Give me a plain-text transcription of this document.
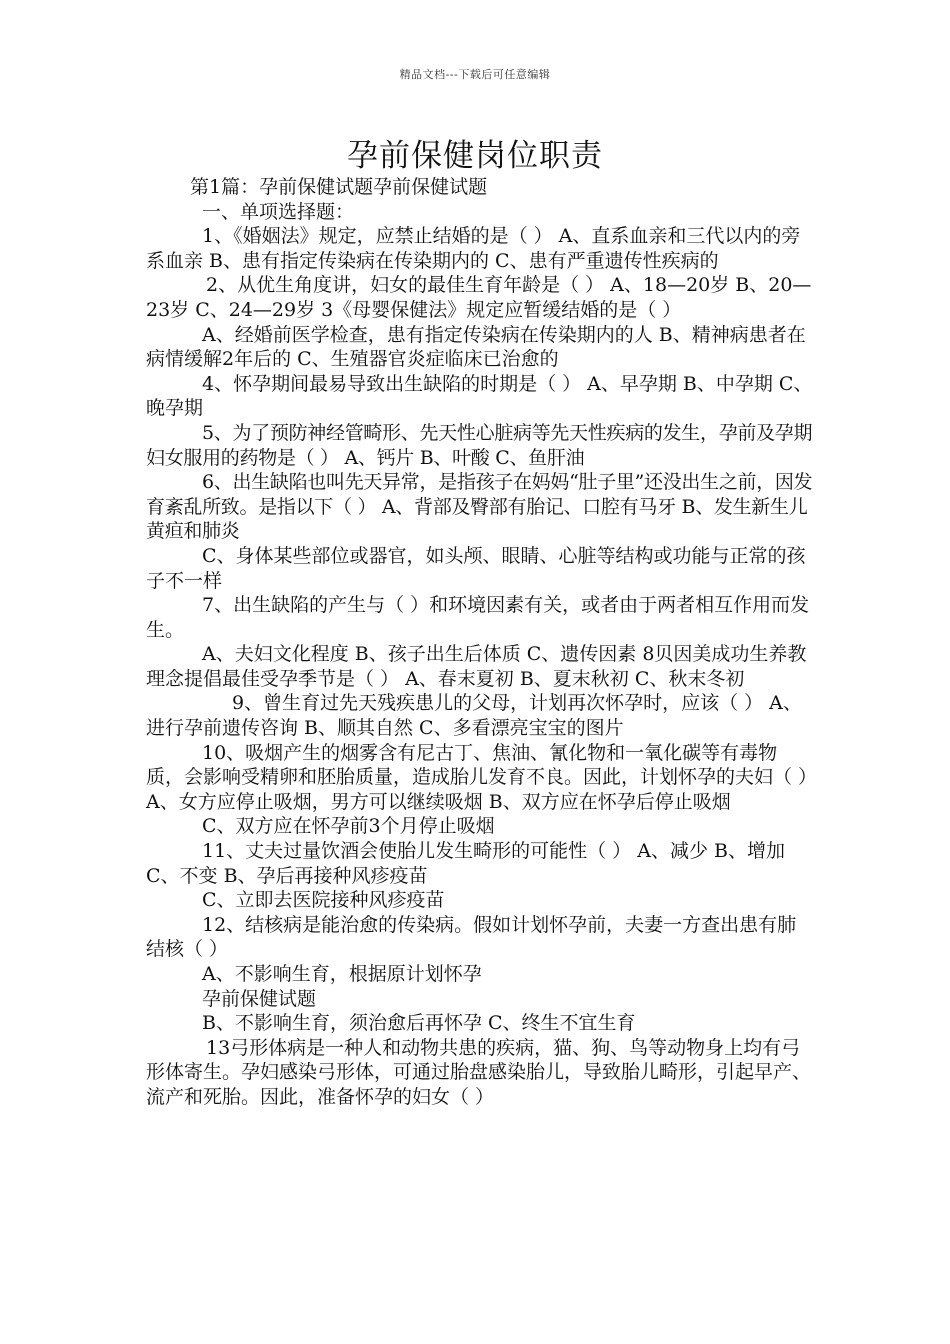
精品文档---下载后可任意编辑
孕前保健岗位职责

第1篇：孕前保健试题孕前保健试题

一、单项选择题：

1、《婚姻法》规定，应禁止结婚的是（ ） A、直系血亲和三代以内的旁系血亲 B、患有指定传染病在传染期内的 C、患有严重遗传性疾病的

2、从优生角度讲，妇女的最佳生育年龄是（ ） A、18—20岁 B、20—23岁 C、24—29岁 3《母婴保健法》规定应暂缓结婚的是（ ）

A、经婚前医学检查，患有指定传染病在传染期内的人 B、精神病患者在病情缓解2年后的 C、生殖器官炎症临床已治愈的

4、怀孕期间最易导致出生缺陷的时期是（ ） A、早孕期 B、中孕期 C、晚孕期

5、为了预防神经管畸形、先天性心脏病等先天性疾病的发生，孕前及孕期妇女服用的药物是（ ） A、钙片 B、叶酸 C、鱼肝油

6、出生缺陷也叫先天异常，是指孩子在妈妈“肚子里”还没出生之前，因发育紊乱所致。是指以下（ ） A、背部及臀部有胎记、口腔有马牙 B、发生新生儿黄疸和肺炎

C、身体某些部位或器官，如头颅、眼睛、心脏等结构或功能与正常的孩子不一样

7、出生缺陷的产生与（ ）和环境因素有关，或者由于两者相互作用而发生。

A、夫妇文化程度 B、孩子出生后体质 C、遗传因素 8贝因美成功生养教理念提倡最佳受孕季节是（ ） A、春末夏初 B、夏末秋初 C、秋末冬初

9、曾生育过先天残疾患儿的父母，计划再次怀孕时，应该（ ） A、进行孕前遗传咨询 B、顺其自然 C、多看漂亮宝宝的图片

10、吸烟产生的烟雾含有尼古丁、焦油、氰化物和一氧化碳等有毒物质，会影响受精卵和胚胎质量，造成胎儿发育不良。因此，计划怀孕的夫妇（ ）A、女方应停止吸烟，男方可以继续吸烟 B、双方应在怀孕后停止吸烟

C、双方应在怀孕前3个月停止吸烟

11、丈夫过量饮酒会使胎儿发生畸形的可能性（ ） A、减少 B、增加 C、不变 B、孕后再接种风疹疫苗

C、立即去医院接种风疹疫苗

12、结核病是能治愈的传染病。假如计划怀孕前，夫妻一方查出患有肺结核（ ）

A、不影响生育，根据原计划怀孕

孕前保健试题

B、不影响生育，须治愈后再怀孕 C、终生不宜生育

13弓形体病是一种人和动物共患的疾病，猫、狗、鸟等动物身上均有弓形体寄生。孕妇感染弓形体，可通过胎盘感染胎儿，导致胎儿畸形，引起早产、流产和死胎。因此，准备怀孕的妇女（ ）
